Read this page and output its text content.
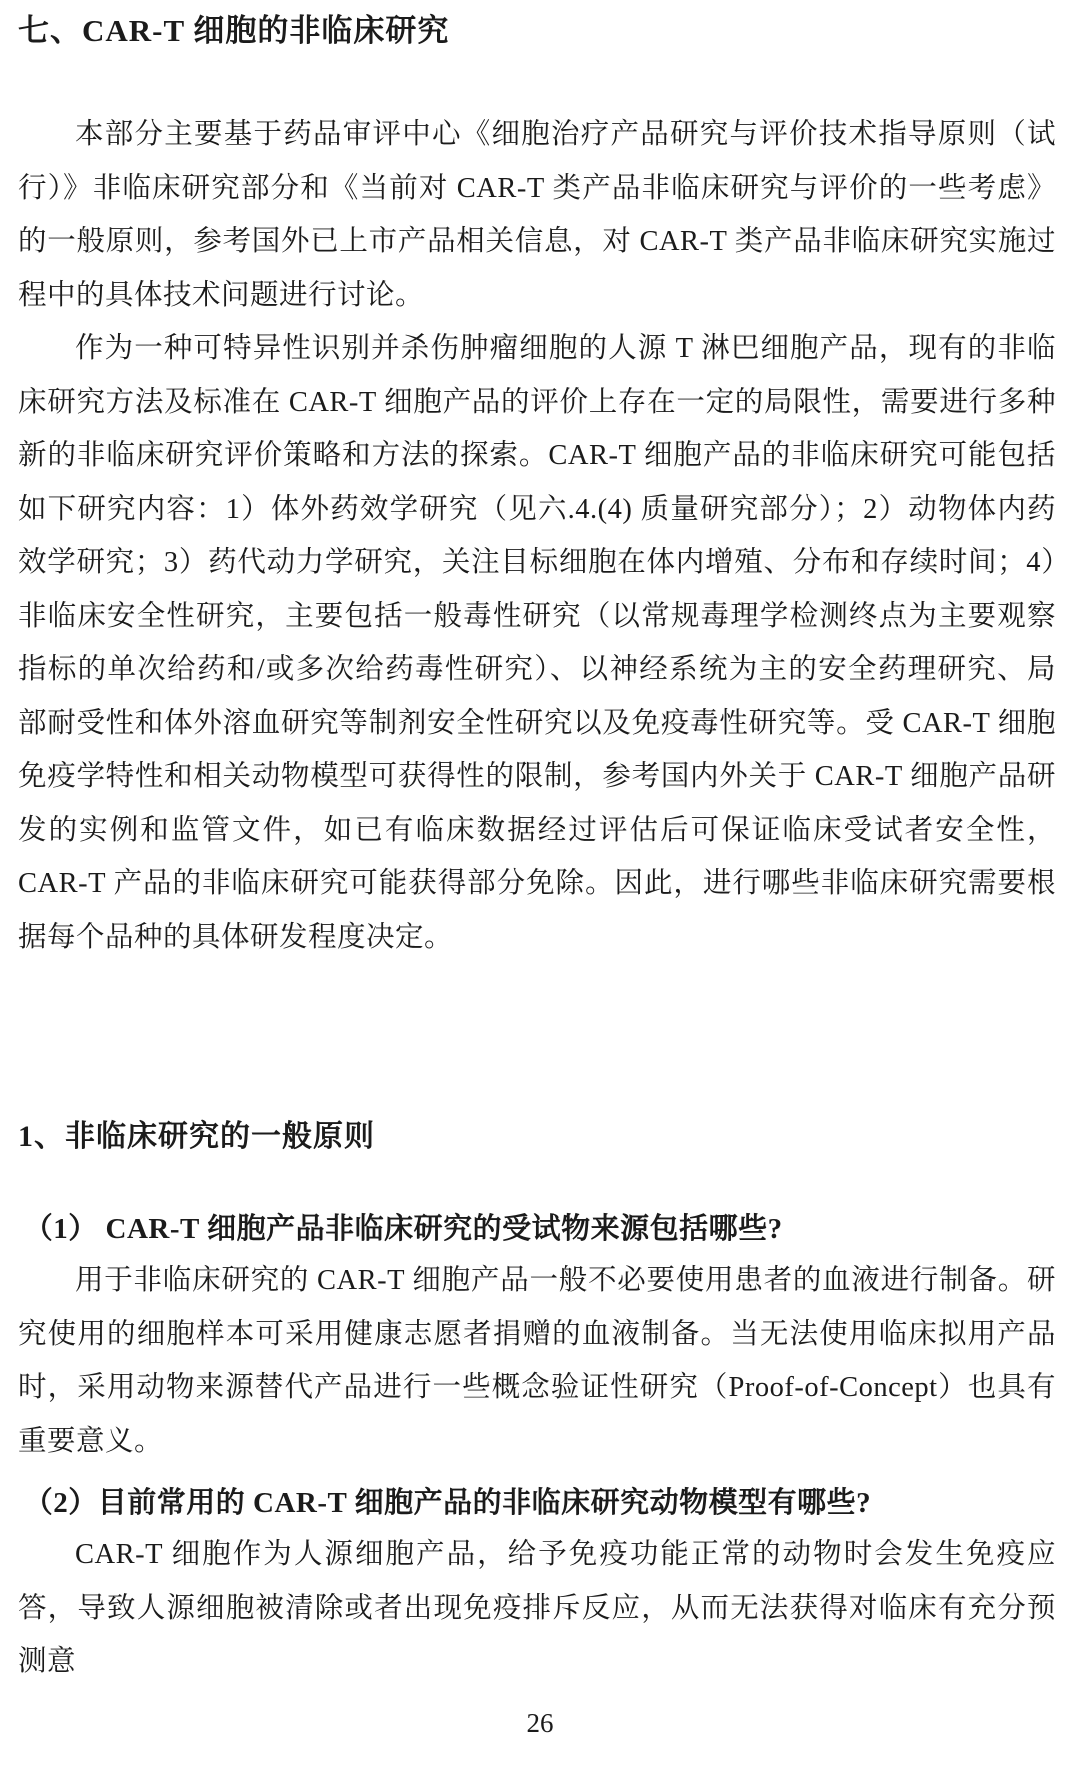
七、CAR-T 细胞的非临床研究

本部分主要基于药品审评中心《细胞治疗产品研究与评价技术指导原则（试行）》非临床研究部分和《当前对 CAR-T 类产品非临床研究与评价的一些考虑》的一般原则，参考国外已上市产品相关信息，对 CAR-T 类产品非临床研究实施过程中的具体技术问题进行讨论。

作为一种可特异性识别并杀伤肿瘤细胞的人源 T 淋巴细胞产品，现有的非临床研究方法及标准在 CAR-T 细胞产品的评价上存在一定的局限性，需要进行多种新的非临床研究评价策略和方法的探索。CAR-T 细胞产品的非临床研究可能包括如下研究内容：1）体外药效学研究（见六.4.(4) 质量研究部分）；2）动物体内药效学研究；3）药代动力学研究，关注目标细胞在体内增殖、分布和存续时间；4）非临床安全性研究，主要包括一般毒性研究（以常规毒理学检测终点为主要观察指标的单次给药和/或多次给药毒性研究）、以神经系统为主的安全药理研究、局部耐受性和体外溶血研究等制剂安全性研究以及免疫毒性研究等。受 CAR-T 细胞免疫学特性和相关动物模型可获得性的限制，参考国内外关于 CAR-T 细胞产品研发的实例和监管文件，如已有临床数据经过评估后可保证临床受试者安全性，CAR-T 产品的非临床研究可能获得部分免除。因此，进行哪些非临床研究需要根据每个品种的具体研发程度决定。

1、非临床研究的一般原则
（1） CAR-T 细胞产品非临床研究的受试物来源包括哪些?

用于非临床研究的 CAR-T 细胞产品一般不必要使用患者的血液进行制备。研究使用的细胞样本可采用健康志愿者捐赠的血液制备。当无法使用临床拟用产品时，采用动物来源替代产品进行一些概念验证性研究（Proof-of-Concept）也具有重要意义。

（2）目前常用的 CAR-T 细胞产品的非临床研究动物模型有哪些?

CAR-T 细胞作为人源细胞产品，给予免疫功能正常的动物时会发生免疫应答，导致人源细胞被清除或者出现免疫排斥反应，从而无法获得对临床有充分预测意

26
